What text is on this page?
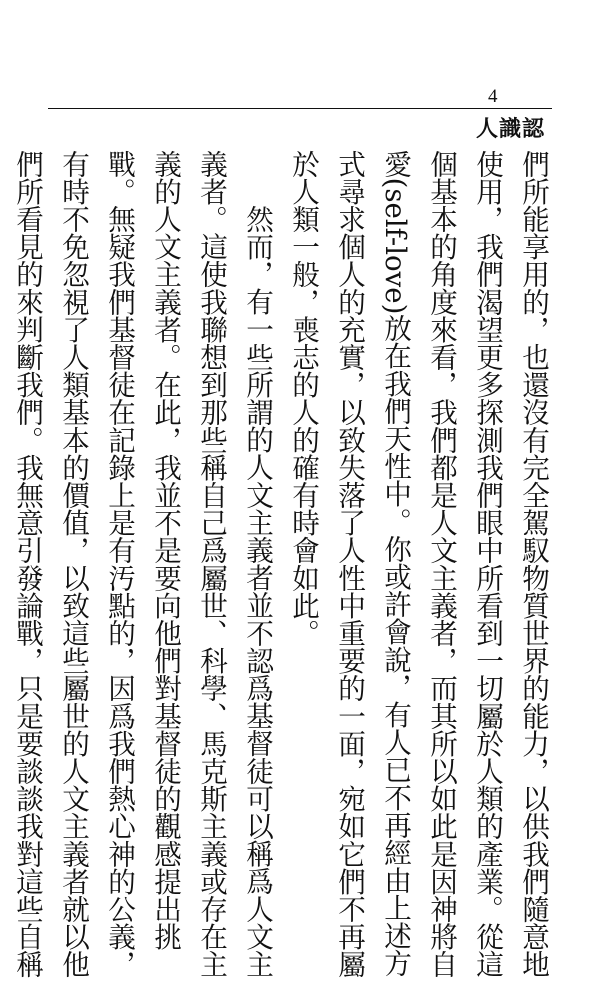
4
人識認

們所能享用的，也還沒有完全駕馭物質世界的能力，以供我們隨意地使用，我們渴望更多探測我們眼中所看到一切屬於人類的產業。從這個基本的角度來看，我們都是人文主義者，而其所以如此是因神將自愛(self-love)放在我們天性中。你或許會說，有人已不再經由上述方式尋求個人的充實，以致失落了人性中重要的一面，宛如它們不再屬於人類一般，喪志的人的確有時會如此。

然而，有一些所謂的人文主義者並不認爲基督徒可以稱爲人文主義者。這使我聯想到那些稱自己爲屬世、科學、馬克斯主義或存在主義的人文主義者。在此，我並不是要向他們對基督徒的觀感提出挑戰。無疑我們基督徒在記錄上是有汚點的，因爲我們熱心神的公義，有時不免忽視了人類基本的價值，以致這些屬世的人文主義者就以他們所看見的來判斷我們。我無意引發論戰，只是要談談我對這些自稱
